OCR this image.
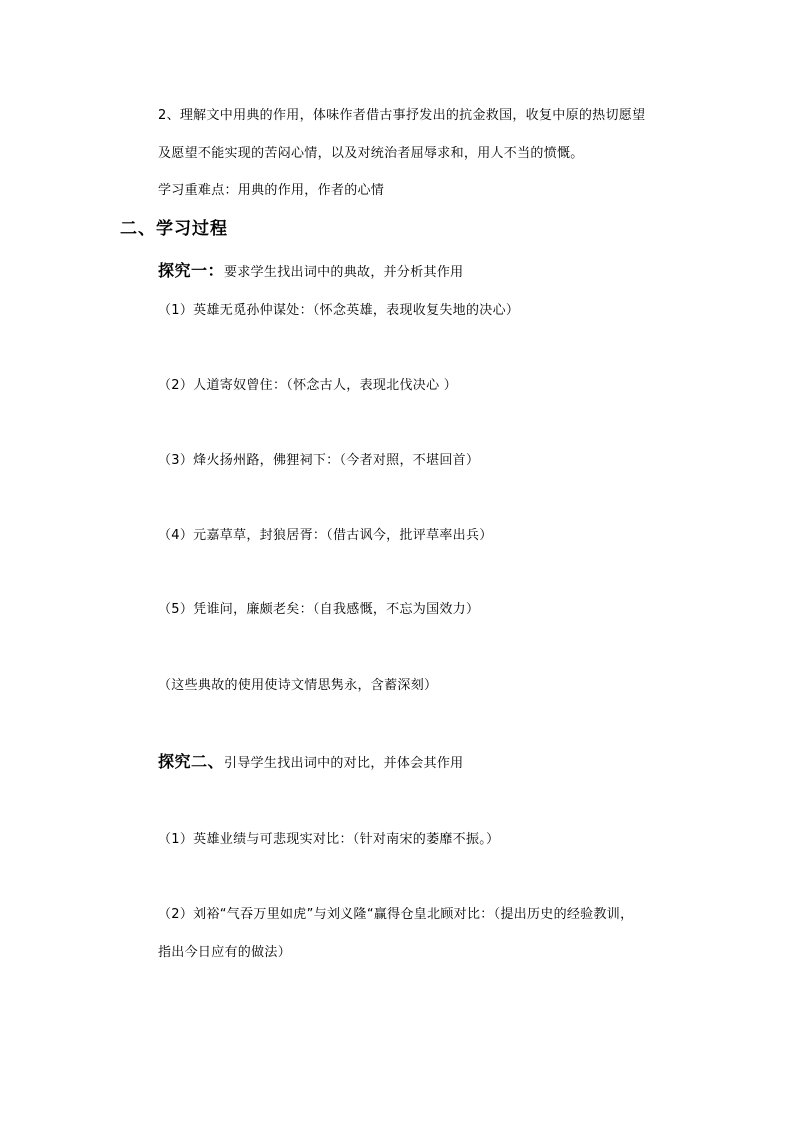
2、理解文中用典的作用，体味作者借古事抒发出的抗金救国，收复中原的热切愿望
及愿望不能实现的苦闷心情，以及对统治者屈辱求和，用人不当的愤慨。
学习重难点：用典的作用，作者的心情
二、学习过程
探究一：要求学生找出词中的典故，并分析其作用
（1）英雄无觅孙仲谋处：（怀念英雄，表现收复失地的决心）
（2）人道寄奴曾住：（怀念古人，表现北伐决心 ）
（3）烽火扬州路，佛狸祠下：（今者对照，不堪回首）
（4）元嘉草草，封狼居胥：（借古讽今，批评草率出兵）
（5）凭谁问，廉颇老矣：（自我感慨，不忘为国效力）
（这些典故的使用使诗文情思隽永，含蓄深刻）
探究二、引导学生找出词中的对比，并体会其作用
（1）英雄业绩与可悲现实对比：（针对南宋的萎靡不振。）
（2）刘裕“气吞万里如虎”与刘义隆“赢得仓皇北顾对比：（提出历史的经验教训，
指出今日应有的做法）
